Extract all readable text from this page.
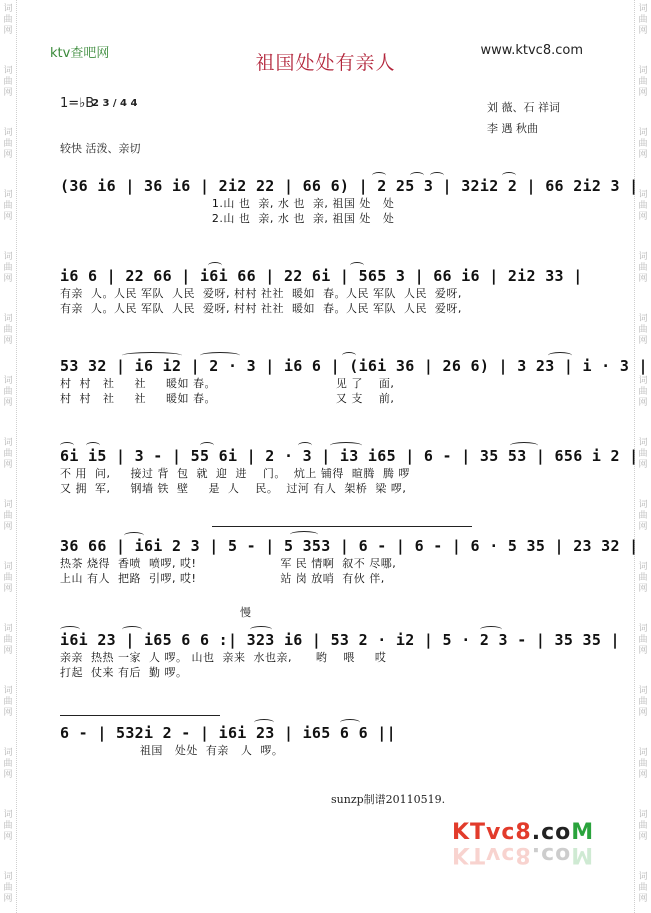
词
曲
网
词
曲
网
词
曲
网
词
曲
网
词
曲
网
词
曲
网
词
曲
网
词
曲
网
词
曲
网
词
曲
网
词
曲
网
词
曲
网
词
曲
网
词
曲
网
词
曲
网
词
曲
网
词
曲
网
词
曲
网
词
曲
网
词
曲
网
词
曲
网
词
曲
网
词
曲
网
词
曲
网
词
曲
网
词
曲
网
词
曲
网
词
曲
网
词
曲
网
词
曲
网
ktv查吧网	祖国处处有亲人
www.ktvc8.com
1=♭B
2 3 / 4 4
较快 活泼、亲切
刘 薇、石 祥词
李 遇 秋曲
(36 i6 | 36 i6 | 2i2 22 | 66 6) | 2 25 3 | 32i2 2 | 66 2i2 3 |
1.山 也  亲, 水 也  亲, 祖国 处   处
2.山 也  亲, 水 也  亲, 祖国 处   处
i6 6 | 22 66 | i6i 66 | 22 6i | 565 3 | 66 i6 | 2i2 33 |
有亲  人。人民 军队  人民  爱呀, 村村 社社  暖如  春。人民 军队  人民  爱呀,
有亲  人。人民 军队  人民  爱呀, 村村 社社  暖如  春。人民 军队  人民  爱呀,
53 32 | i6 i2 | 2 · 3 | i6 6 | (i6i 36 | 26 6) | 3 23 | i · 3 |
村  村   社     社     暖如 春。                              见 了    面,
村  村   社     社     暖如 春。                              又 支    前,
6i i5 | 3 - | 55 6i | 2 · 3 | i3 i65 | 6 - | 35 53 | 656 i 2 |
不 用  问,     接过 背  包  就  迎  进    门。  炕上 铺得  暄腾  腾 啰
又 拥  军,     钢墙 铁  壁     是  人    民。  过河 有人  架桥  梁 啰,
36 66 | i6i 2 3 | 5 - | 5 353 | 6 - | 6 - | 6 · 5 35 | 23 32 |
热茶 烧得  香喷  喷啰, 哎!                     军 民 情啊  叙不 尽哪,
上山 有人  把路  引啰, 哎!                     站 岗 放哨  有伙 伴,
慢
i6i 23 | i65 6 6 :| 323 i6 | 53 2 · i2 | 5 · 2 3 - | 35 35 |
亲亲  热热 一家  人 啰。 山也  亲来  水也亲,      哟    喂     哎
打起  仗来 有后  勤 啰。
6 - | 532i 2 - | i6i 23 | i65 6 6 ||
祖国   处处  有亲   人  啰。
sunzp制谱20110519.
KTvc8.coM
KTvc8.coM
